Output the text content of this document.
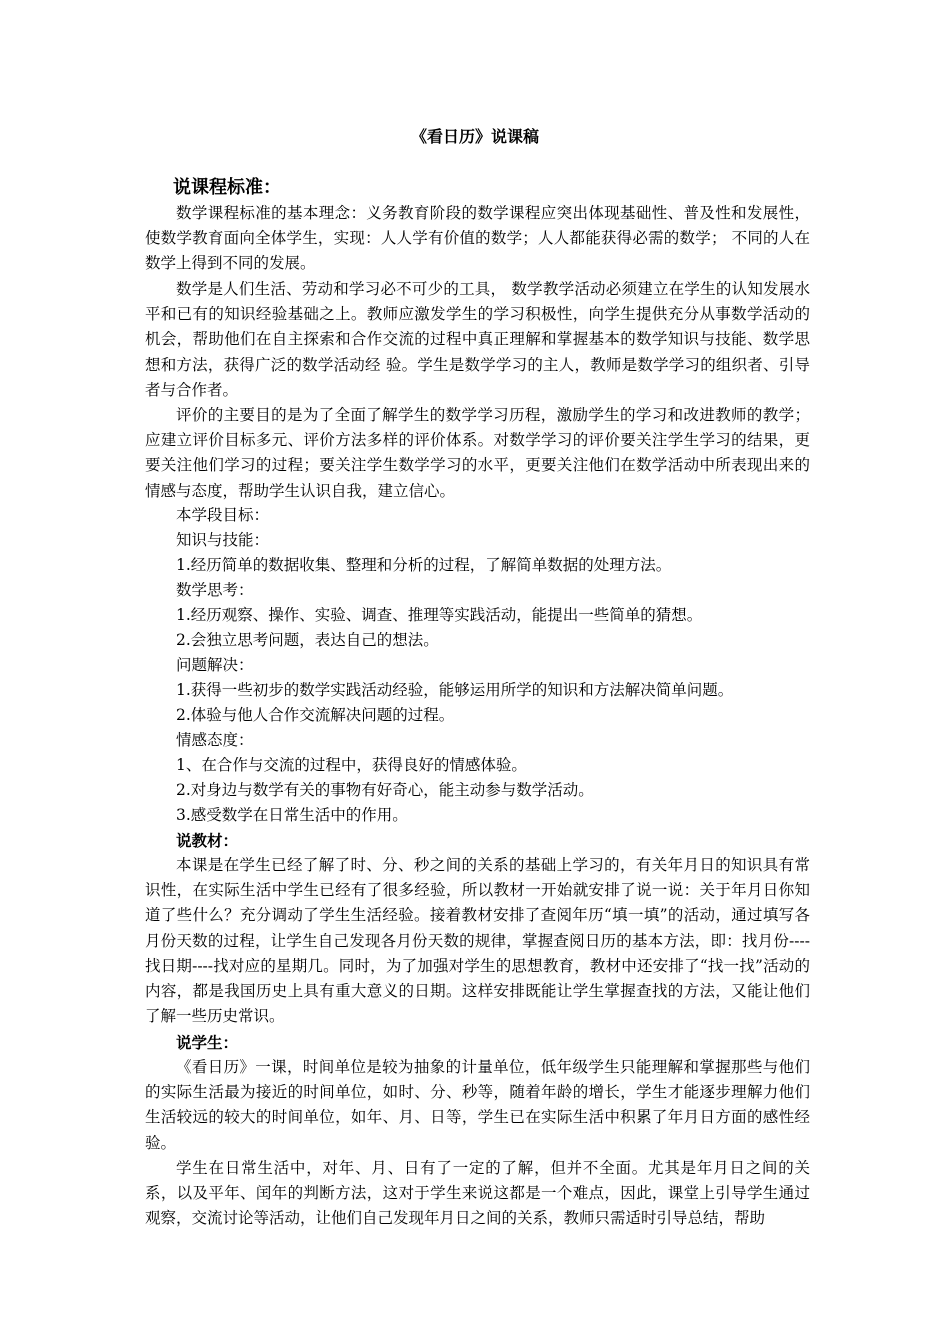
《看日历》说课稿
说课程标准：

数学课程标准的基本理念：义务教育阶段的数学课程应突出体现基础性、普及性和发展性，使数学教育面向全体学生，实现：人人学有价值的数学；人人都能获得必需的数学； 不同的人在数学上得到不同的发展。

数学是人们生活、劳动和学习必不可少的工具， 数学教学活动必须建立在学生的认知发展水平和已有的知识经验基础之上。教师应激发学生的学习积极性，向学生提供充分从事数学活动的机会，帮助他们在自主探索和合作交流的过程中真正理解和掌握基本的数学知识与技能、数学思想和方法，获得广泛的数学活动经 验。学生是数学学习的主人，教师是数学学习的组织者、引导者与合作者。

评价的主要目的是为了全面了解学生的数学学习历程，激励学生的学习和改进教师的教学；应建立评价目标多元、评价方法多样的评价体系。对数学学习的评价要关注学生学习的结果，更要关注他们学习的过程；要关注学生数学学习的水平，更要关注他们在数学活动中所表现出来的情感与态度，帮助学生认识自我，建立信心。

本学段目标：
知识与技能：
1.经历简单的数据收集、整理和分析的过程，了解简单数据的处理方法。
数学思考：
1.经历观察、操作、实验、调查、推理等实践活动，能提出一些简单的猜想。
2.会独立思考问题，表达自己的想法。
问题解决：
1.获得一些初步的数学实践活动经验，能够运用所学的知识和方法解决简单问题。
2.体验与他人合作交流解决问题的过程。
情感态度：
1、在合作与交流的过程中，获得良好的情感体验。
2.对身边与数学有关的事物有好奇心，能主动参与数学活动。
3.感受数学在日常生活中的作用。
说教材：

本课是在学生已经了解了时、分、秒之间的关系的基础上学习的，有关年月日的知识具有常识性，在实际生活中学生已经有了很多经验，所以教材一开始就安排了说一说：关于年月日你知道了些什么？充分调动了学生生活经验。接着教材安排了查阅年历“填一填”的活动，通过填写各月份天数的过程，让学生自己发现各月份天数的规律，掌握查阅日历的基本方法，即：找月份----找日期----找对应的星期几。同时，为了加强对学生的思想教育，教材中还安排了“找一找”活动的内容，都是我国历史上具有重大意义的日期。这样安排既能让学生掌握查找的方法，又能让他们了解一些历史常识。

说学生：

《看日历》一课，时间单位是较为抽象的计量单位，低年级学生只能理解和掌握那些与他们的实际生活最为接近的时间单位，如时、分、秒等，随着年龄的增长，学生才能逐步理解力他们生活较远的较大的时间单位，如年、月、日等，学生已在实际生活中积累了年月日方面的感性经验。

学生在日常生活中，对年、月、日有了一定的了解，但并不全面。尤其是年月日之间的关系，以及平年、闰年的判断方法，这对于学生来说这都是一个难点，因此，课堂上引导学生通过观察，交流讨论等活动，让他们自己发现年月日之间的关系，教师只需适时引导总结，帮助
